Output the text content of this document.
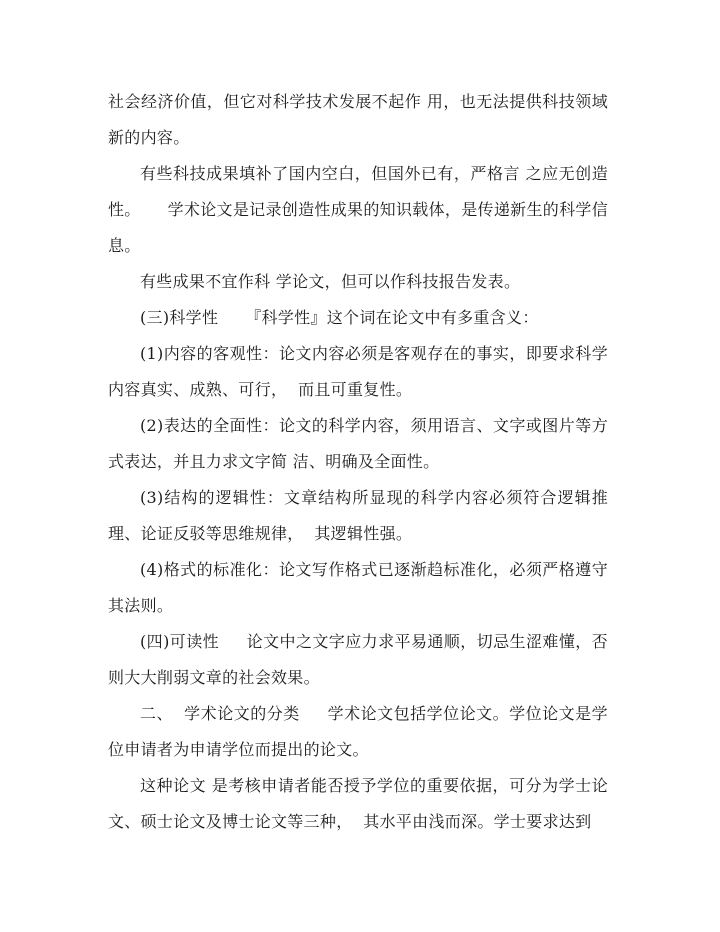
社会经济价值，但它对科学技术发展不起作 用，也无法提供科技领域新的内容。

有些科技成果填补了国内空白，但国外已有，严格言 之应无创造性。     学术论文是记录创造性成果的知识载体，是传递新生的科学信息。

有些成果不宜作科 学论文，但可以作科技报告发表。

(三)科学性     『科学性』这个词在论文中有多重含义：

(1)内容的客观性：论文内容必须是客观存在的事实，即要求科学内容真实、成熟、可行，  而且可重复性。

(2)表达的全面性：论文的科学内容，须用语言、文字或图片等方式表达，并且力求文字简 洁、明确及全面性。

(3)结构的逻辑性：文章结构所显现的科学内容必须符合逻辑推理、论证反驳等思维规律，  其逻辑性强。

(4)格式的标准化：论文写作格式已逐渐趋标准化，必须严格遵守其法则。

(四)可读性     论文中之文字应力求平易通顺，切忌生涩难懂，否则大大削弱文章的社会效果。

二、  学术论文的分类     学术论文包括学位论文。学位论文是学位申请者为申请学位而提出的论文。

这种论文 是考核申请者能否授予学位的重要依据，可分为学士论文、硕士论文及博士论文等三种，  其水平由浅而深。学士要求达到
